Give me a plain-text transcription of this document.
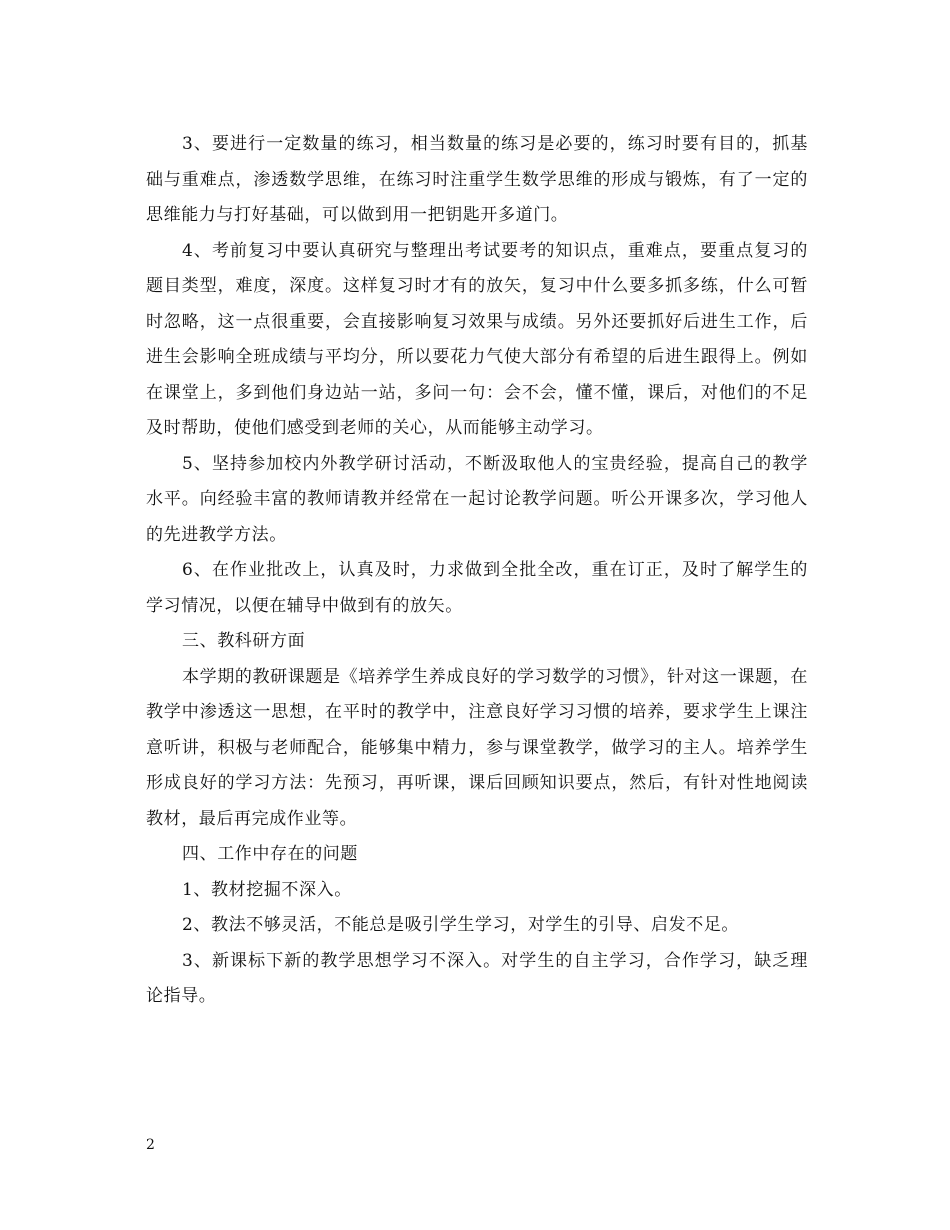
3、要进行一定数量的练习，相当数量的练习是必要的，练习时要有目的，抓基础与重难点，渗透数学思维，在练习时注重学生数学思维的形成与锻炼，有了一定的思维能力与打好基础，可以做到用一把钥匙开多道门。

4、考前复习中要认真研究与整理出考试要考的知识点，重难点，要重点复习的题目类型，难度，深度。这样复习时才有的放矢，复习中什么要多抓多练，什么可暂时忽略，这一点很重要，会直接影响复习效果与成绩。另外还要抓好后进生工作，后进生会影响全班成绩与平均分，所以要花力气使大部分有希望的后进生跟得上。例如在课堂上，多到他们身边站一站，多问一句：会不会，懂不懂，课后，对他们的不足及时帮助，使他们感受到老师的关心，从而能够主动学习。

5、坚持参加校内外教学研讨活动，不断汲取他人的宝贵经验，提高自己的教学水平。向经验丰富的教师请教并经常在一起讨论教学问题。听公开课多次，学习他人的先进教学方法。

6、在作业批改上，认真及时，力求做到全批全改，重在订正，及时了解学生的学习情况，以便在辅导中做到有的放矢。

三、教科研方面

本学期的教研课题是《培养学生养成良好的学习数学的习惯》，针对这一课题，在教学中渗透这一思想，在平时的教学中，注意良好学习习惯的培养，要求学生上课注意听讲，积极与老师配合，能够集中精力，参与课堂教学，做学习的主人。培养学生形成良好的学习方法：先预习，再听课，课后回顾知识要点，然后，有针对性地阅读教材，最后再完成作业等。

四、工作中存在的问题

1、教材挖掘不深入。

2、教法不够灵活，不能总是吸引学生学习，对学生的引导、启发不足。

3、新课标下新的教学思想学习不深入。对学生的自主学习，合作学习，缺乏理论指导。

2
